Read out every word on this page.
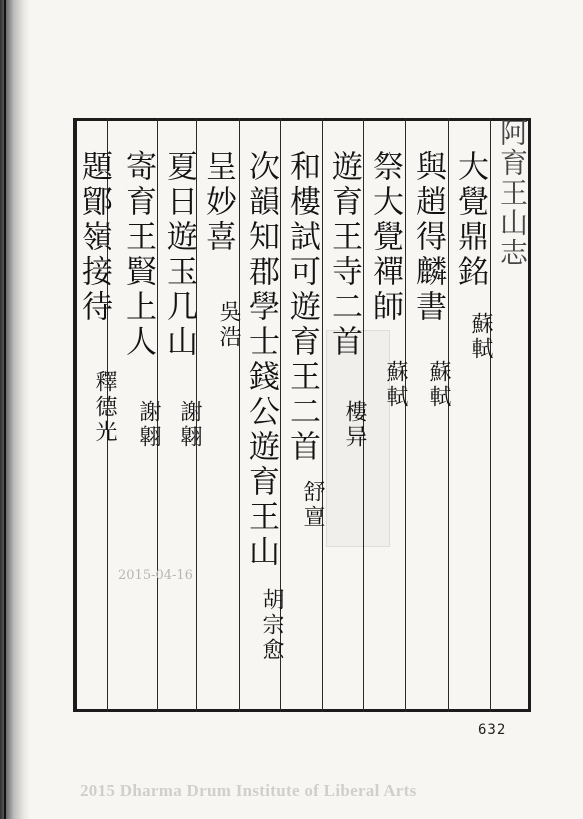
阿育王山志
大覺鼎銘
蘇軾
與趙得麟書
蘇軾
祭大覺禪師
蘇軾
遊育王寺二首
樓异
和樓試可遊育王二首
舒亶
次韻知郡學士錢公遊育王山
胡宗愈
呈妙喜
吳浩
夏日遊玉几山
謝翺
寄育王賢上人
謝翺
題鄮嶺接待
釋德光
2015-04-16
632
2015 Dharma Drum Institute of Liberal Arts
